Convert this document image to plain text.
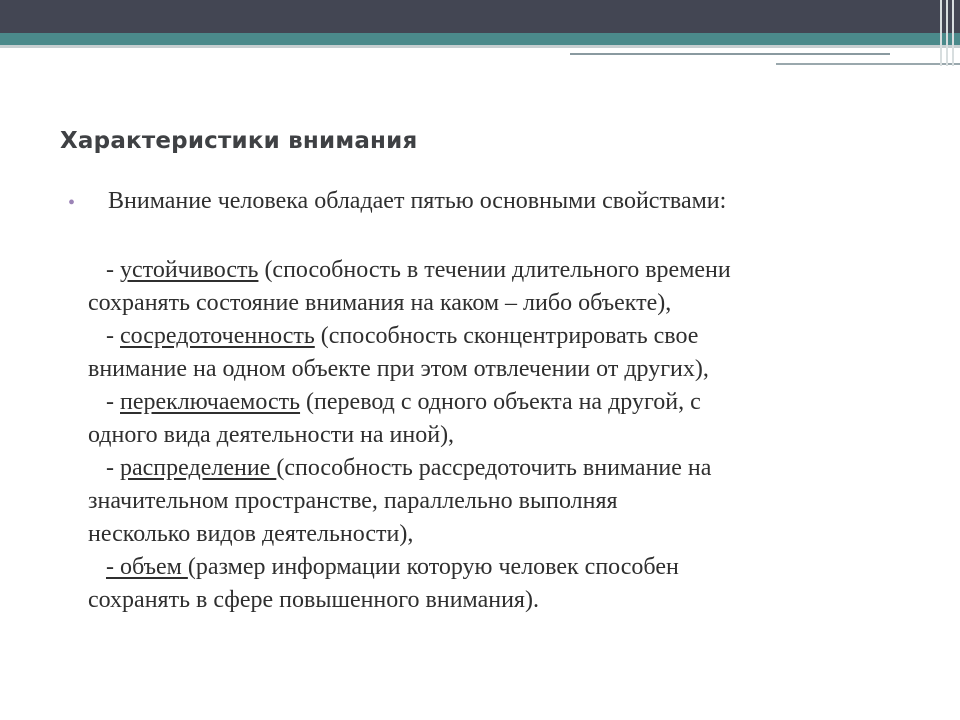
Характеристики внимания
• Внимание человека обладает пятью основными свойствами:
- устойчивость (способность в течении длительного времени
сохранять состояние внимания на каком – либо объекте),
- сосредоточенность (способность сконцентрировать свое
внимание на одном объекте при этом отвлечении от других),
- переключаемость (перевод с одного объекта на другой, с
одного вида деятельности на иной),
- распределение (способность рассредоточить внимание на
значительном пространстве, параллельно выполняя
несколько видов деятельности),
- объем (размер информации которую человек способен
сохранять в сфере повышенного внимания).
